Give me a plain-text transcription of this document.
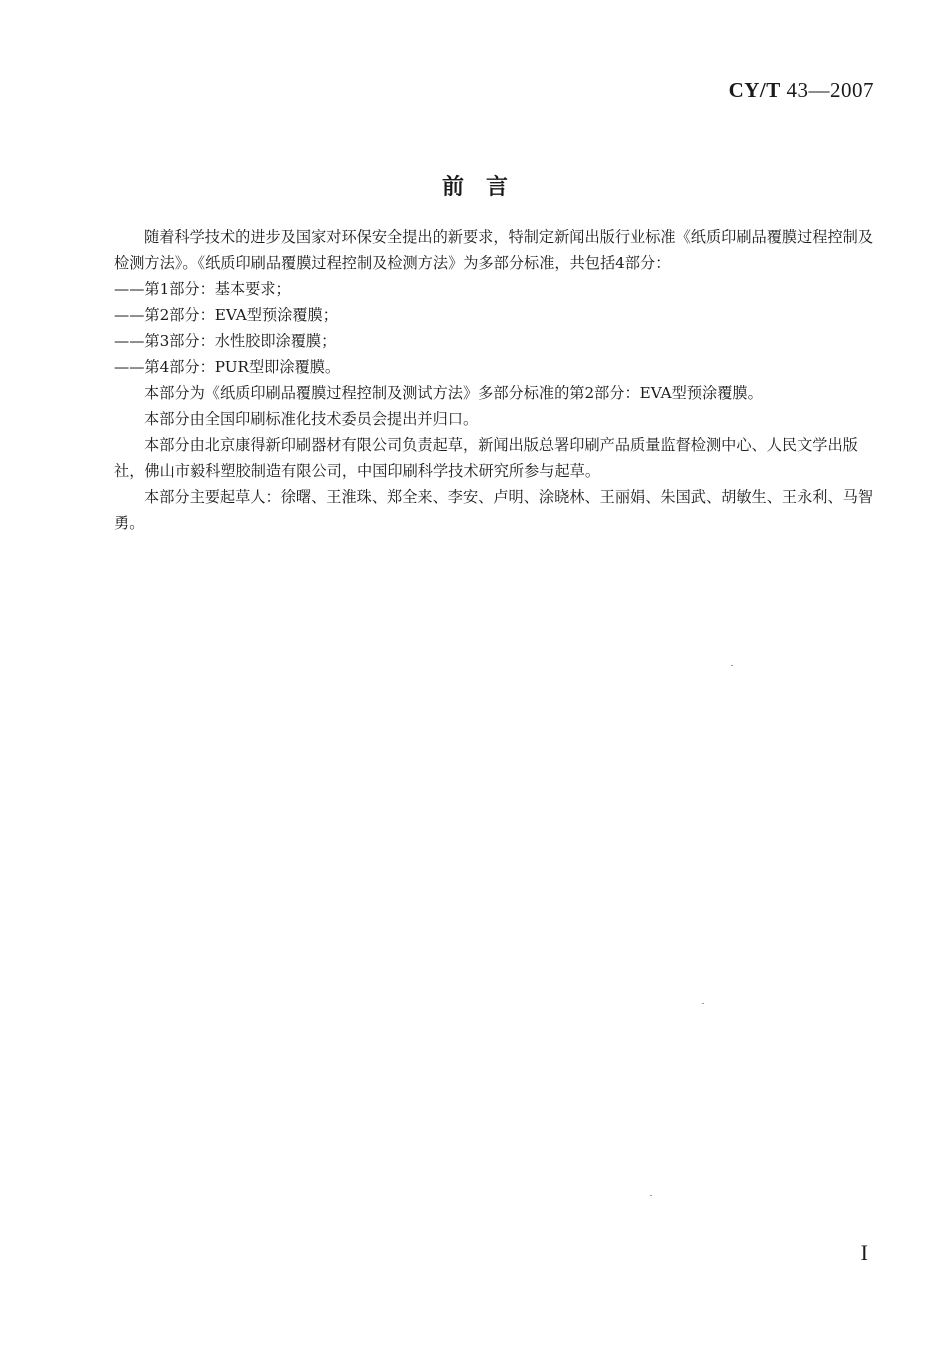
CY/T 43—2007
前言

随着科学技术的进步及国家对环保安全提出的新要求，特制定新闻出版行业标准《纸质印刷品覆膜过程控制及检测方法》。《纸质印刷品覆膜过程控制及检测方法》为多部分标准，共包括4部分：

——第1部分：基本要求；

——第2部分：EVA型预涂覆膜；

——第3部分：水性胶即涂覆膜；

——第4部分：PUR型即涂覆膜。

本部分为《纸质印刷品覆膜过程控制及测试方法》多部分标准的第2部分：EVA型预涂覆膜。

本部分由全国印刷标准化技术委员会提出并归口。

本部分由北京康得新印刷器材有限公司负责起草，新闻出版总署印刷产品质量监督检测中心、人民文学出版社，佛山市毅科塑胶制造有限公司，中国印刷科学技术研究所参与起草。

本部分主要起草人：徐曙、王淮珠、郑全来、李安、卢明、涂晓林、王丽娟、朱国武、胡敏生、王永利、马智勇。

I
